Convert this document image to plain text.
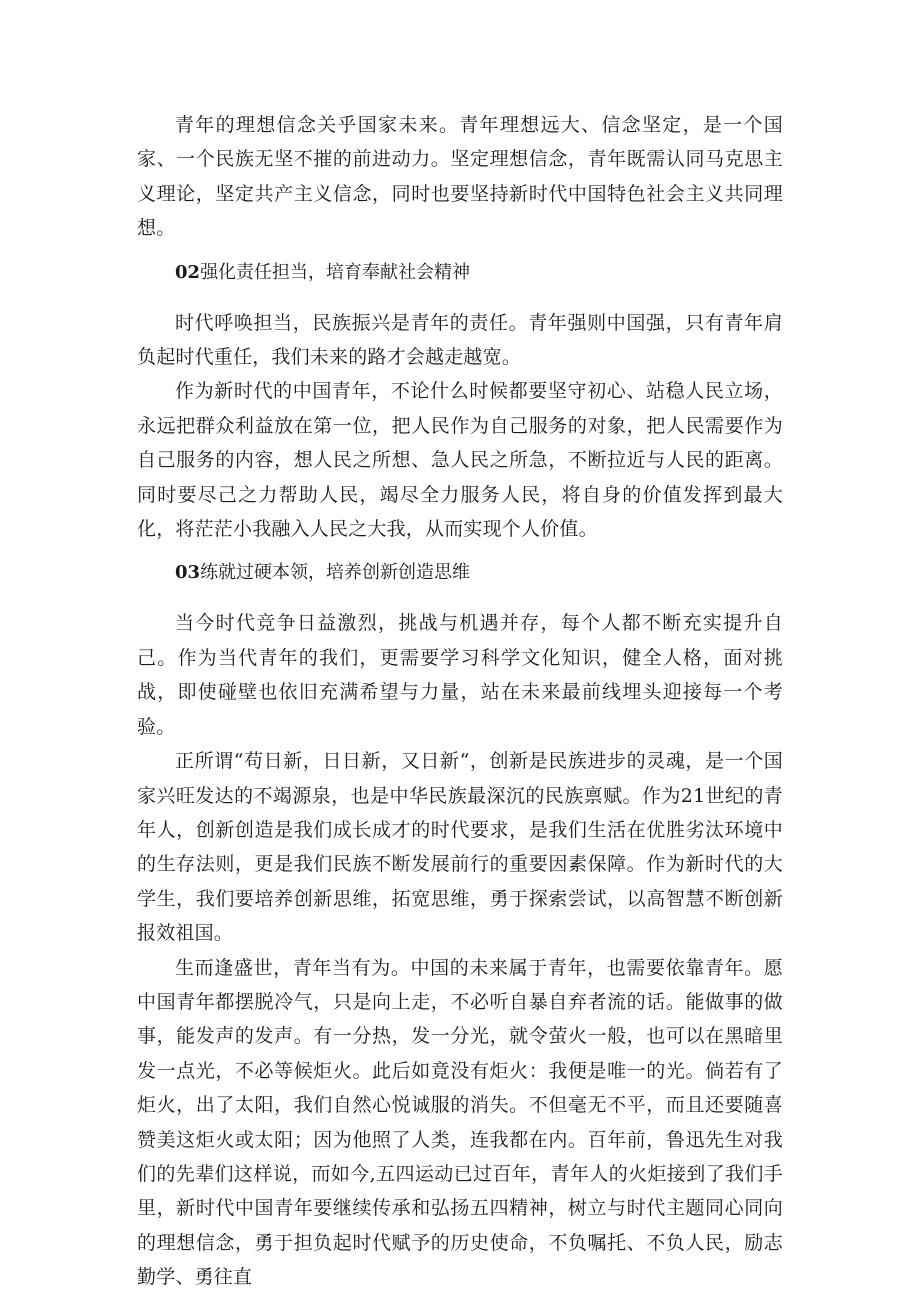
青年的理想信念关乎国家未来。青年理想远大、信念坚定，是一个国家、一个民族无坚不摧的前进动力。坚定理想信念，青年既需认同马克思主义理论，坚定共产主义信念，同时也要坚持新时代中国特色社会主义共同理想。

02强化责任担当，培育奉献社会精神

时代呼唤担当，民族振兴是青年的责任。青年强则中国强，只有青年肩负起时代重任，我们未来的路才会越走越宽。

作为新时代的中国青年，不论什么时候都要坚守初心、站稳人民立场，永远把群众利益放在第一位，把人民作为自己服务的对象，把人民需要作为自己服务的内容，想人民之所想、急人民之所急，不断拉近与人民的距离。同时要尽己之力帮助人民，竭尽全力服务人民，将自身的价值发挥到最大化，将茫茫小我融入人民之大我，从而实现个人价值。

03练就过硬本领，培养创新创造思维

当今时代竞争日益激烈，挑战与机遇并存，每个人都不断充实提升自己。作为当代青年的我们，更需要学习科学文化知识，健全人格，面对挑战，即使碰壁也依旧充满希望与力量，站在未来最前线埋头迎接每一个考验。

正所谓“苟日新，日日新，又日新“，创新是民族进步的灵魂，是一个国家兴旺发达的不竭源泉，也是中华民族最深沉的民族禀赋。作为21世纪的青年人，创新创造是我们成长成才的时代要求，是我们生活在优胜劣汰环境中的生存法则，更是我们民族不断发展前行的重要因素保障。作为新时代的大学生，我们要培养创新思维，拓宽思维，勇于探索尝试，以高智慧不断创新报效祖国。

生而逢盛世，青年当有为。中国的未来属于青年，也需要依靠青年。愿中国青年都摆脱冷气，只是向上走，不必听自暴自弃者流的话。能做事的做事，能发声的发声。有一分热，发一分光，就令萤火一般，也可以在黑暗里发一点光，不必等候炬火。此后如竟没有炬火：我便是唯一的光。倘若有了炬火，出了太阳，我们自然心悦诚服的消失。不但毫无不平，而且还要随喜赞美这炬火或太阳；因为他照了人类，连我都在内。百年前，鲁迅先生对我们的先辈们这样说，而如今,五四运动已过百年，青年人的火炬接到了我们手里，新时代中国青年要继续传承和弘扬五四精神，树立与时代主题同心同向的理想信念，勇于担负起时代赋予的历史使命，不负嘱托、不负人民，励志勤学、勇往直
